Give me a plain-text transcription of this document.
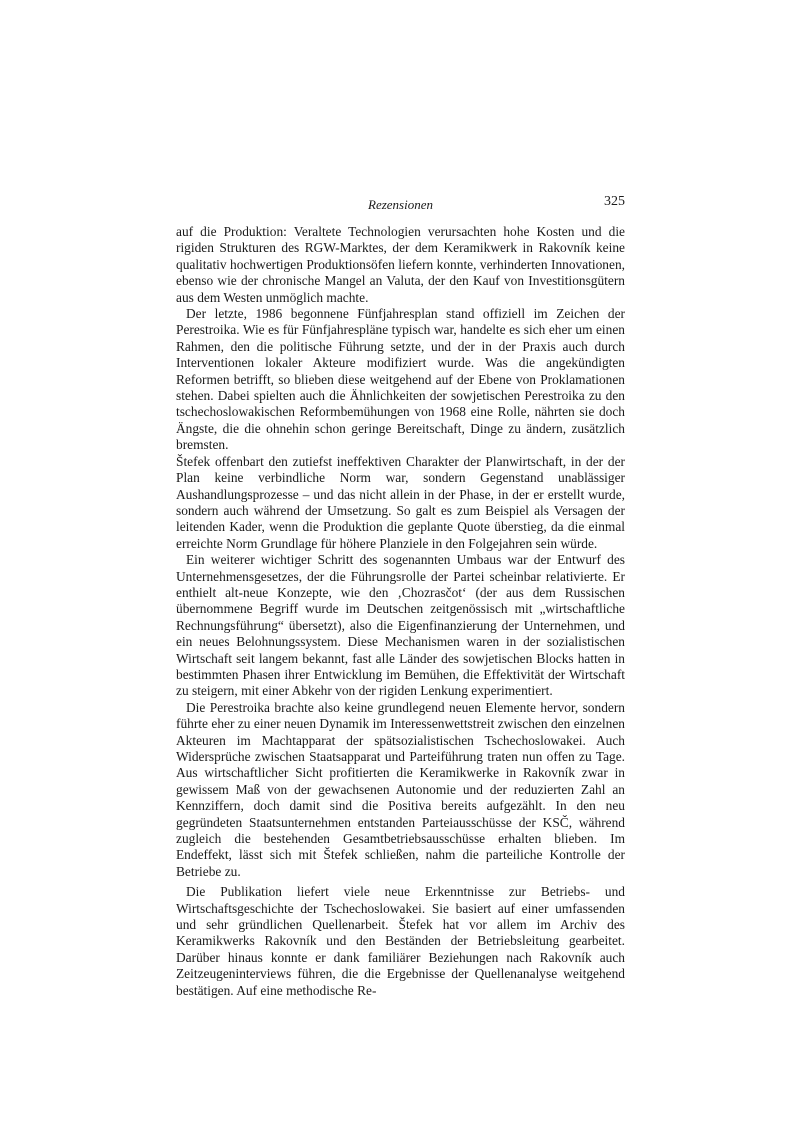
Rezensionen	325

auf die Produktion: Veraltete Technologien verursachten hohe Kosten und die rigiden Strukturen des RGW-Marktes, der dem Keramikwerk in Rakovník keine qualitativ hochwertigen Produktionsöfen liefern konnte, verhinderten Innovationen, ebenso wie der chronische Mangel an Valuta, der den Kauf von Investitionsgütern aus dem Westen unmöglich machte.

Der letzte, 1986 begonnene Fünfjahresplan stand offiziell im Zeichen der Perestroika. Wie es für Fünfjahrespläne typisch war, handelte es sich eher um einen Rahmen, den die politische Führung setzte, und der in der Praxis auch durch Interventionen lokaler Akteure modifiziert wurde. Was die angekündigten Reformen betrifft, so blieben diese weitgehend auf der Ebene von Proklamationen stehen. Dabei spielten auch die Ähnlichkeiten der sowjetischen Perestroika zu den tschechoslowakischen Reformbemühungen von 1968 eine Rolle, nährten sie doch Ängste, die die ohnehin schon geringe Bereitschaft, Dinge zu ändern, zusätzlich bremsten.

Štefek offenbart den zutiefst ineffektiven Charakter der Planwirtschaft, in der der Plan keine verbindliche Norm war, sondern Gegenstand unablässiger Aushandlungsprozesse – und das nicht allein in der Phase, in der er erstellt wurde, sondern auch während der Umsetzung. So galt es zum Beispiel als Versagen der leitenden Kader, wenn die Produktion die geplante Quote überstieg, da die einmal erreichte Norm Grundlage für höhere Planziele in den Folgejahren sein würde.

Ein weiterer wichtiger Schritt des sogenannten Umbaus war der Entwurf des Unternehmensgesetzes, der die Führungsrolle der Partei scheinbar relativierte. Er enthielt alt-neue Konzepte, wie den ‚Chozrasčot‘ (der aus dem Russischen übernommene Begriff wurde im Deutschen zeitgenössisch mit „wirtschaftliche Rechnungsführung“ übersetzt), also die Eigenfinanzierung der Unternehmen, und ein neues Belohnungssystem. Diese Mechanismen waren in der sozialistischen Wirtschaft seit langem bekannt, fast alle Länder des sowjetischen Blocks hatten in bestimmten Phasen ihrer Entwicklung im Bemühen, die Effektivität der Wirtschaft zu steigern, mit einer Abkehr von der rigiden Lenkung experimentiert.

Die Perestroika brachte also keine grundlegend neuen Elemente hervor, sondern führte eher zu einer neuen Dynamik im Interessenwettstreit zwischen den einzelnen Akteuren im Machtapparat der spätsozialistischen Tschechoslowakei. Auch Widersprüche zwischen Staatsapparat und Parteiführung traten nun offen zu Tage. Aus wirtschaftlicher Sicht profitierten die Keramikwerke in Rakovník zwar in gewissem Maß von der gewachsenen Autonomie und der reduzierten Zahl an Kennziffern, doch damit sind die Positiva bereits aufgezählt. In den neu gegründeten Staatsunternehmen entstanden Parteiausschüsse der KSČ, während zugleich die bestehenden Gesamtbetriebsausschüsse erhalten blieben. Im Endeffekt, lässt sich mit Štefek schließen, nahm die parteiliche Kontrolle der Betriebe zu.

Die Publikation liefert viele neue Erkenntnisse zur Betriebs- und Wirtschaftsgeschichte der Tschechoslowakei. Sie basiert auf einer umfassenden und sehr gründlichen Quellenarbeit. Štefek hat vor allem im Archiv des Keramikwerks Rakovník und den Beständen der Betriebsleitung gearbeitet. Darüber hinaus konnte er dank familiärer Beziehungen nach Rakovník auch Zeitzeugeninterviews führen, die die Ergebnisse der Quellenanalyse weitgehend bestätigen. Auf eine methodische Re-
